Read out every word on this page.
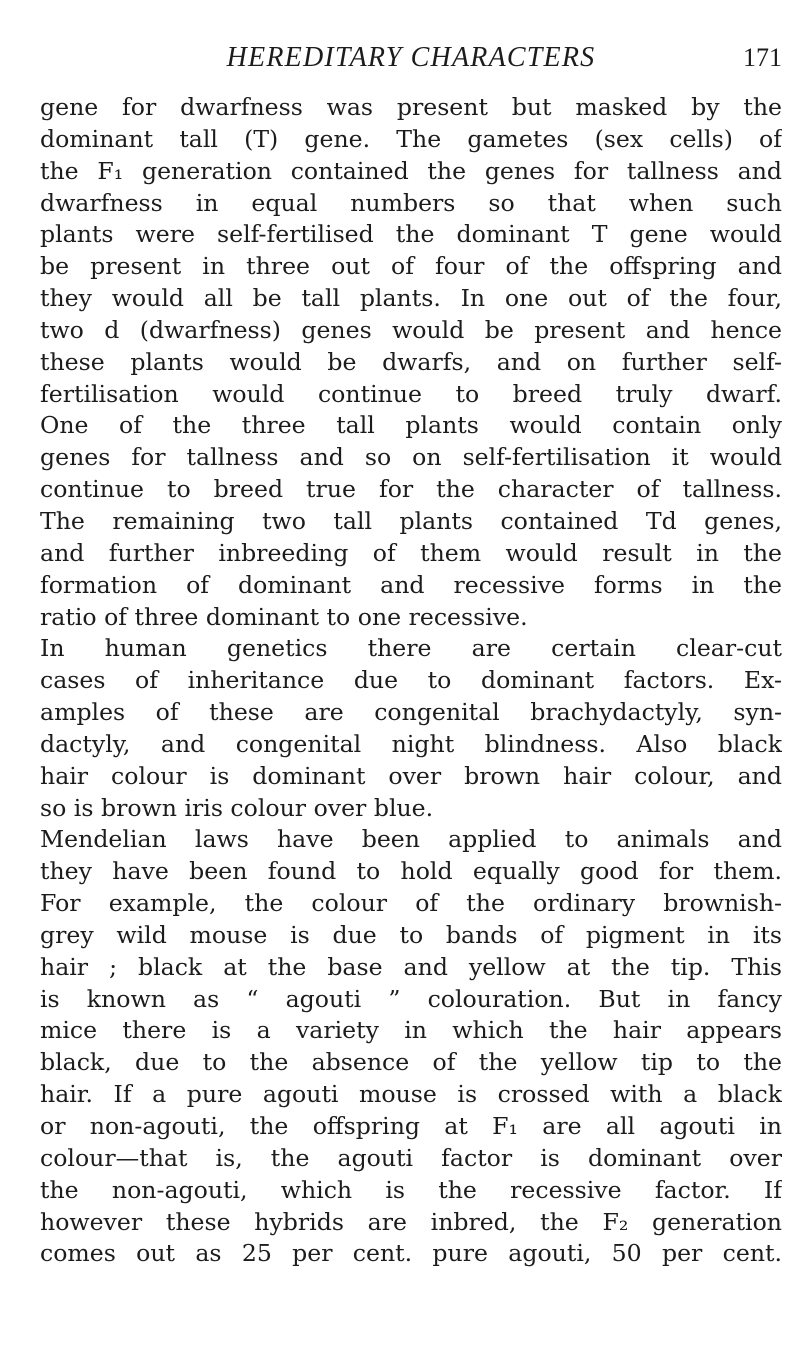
HEREDITARY CHARACTERS	171
gene for dwarfness was present but masked by the
dominant tall (T) gene. The gametes (sex cells) of
the F₁ generation contained the genes for tallness and
dwarfness in equal numbers so that when such
plants were self-fertilised the dominant T gene would
be present in three out of four of the offspring and
they would all be tall plants. In one out of the four,
two d (dwarfness) genes would be present and hence
these plants would be dwarfs, and on further self-
fertilisation would continue to breed truly dwarf.
One of the three tall plants would contain only
genes for tallness and so on self-fertilisation it would
continue to breed true for the character of tallness.
The remaining two tall plants contained Td genes,
and further inbreeding of them would result in the
formation of dominant and recessive forms in the
ratio of three dominant to one recessive.
In human genetics there are certain clear-cut
cases of inheritance due to dominant factors. Ex-
amples of these are congenital brachydactyly, syn-
dactyly, and congenital night blindness. Also black
hair colour is dominant over brown hair colour, and
so is brown iris colour over blue.
Mendelian laws have been applied to animals and
they have been found to hold equally good for them.
For example, the colour of the ordinary brownish-
grey wild mouse is due to bands of pigment in its
hair ; black at the base and yellow at the tip. This
is known as “ agouti ” colouration. But in fancy
mice there is a variety in which the hair appears
black, due to the absence of the yellow tip to the
hair. If a pure agouti mouse is crossed with a black
or non-agouti, the offspring at F₁ are all agouti in
colour—that is, the agouti factor is dominant over
the non-agouti, which is the recessive factor. If
however these hybrids are inbred, the F₂ generation
comes out as 25 per cent. pure agouti, 50 per cent.
